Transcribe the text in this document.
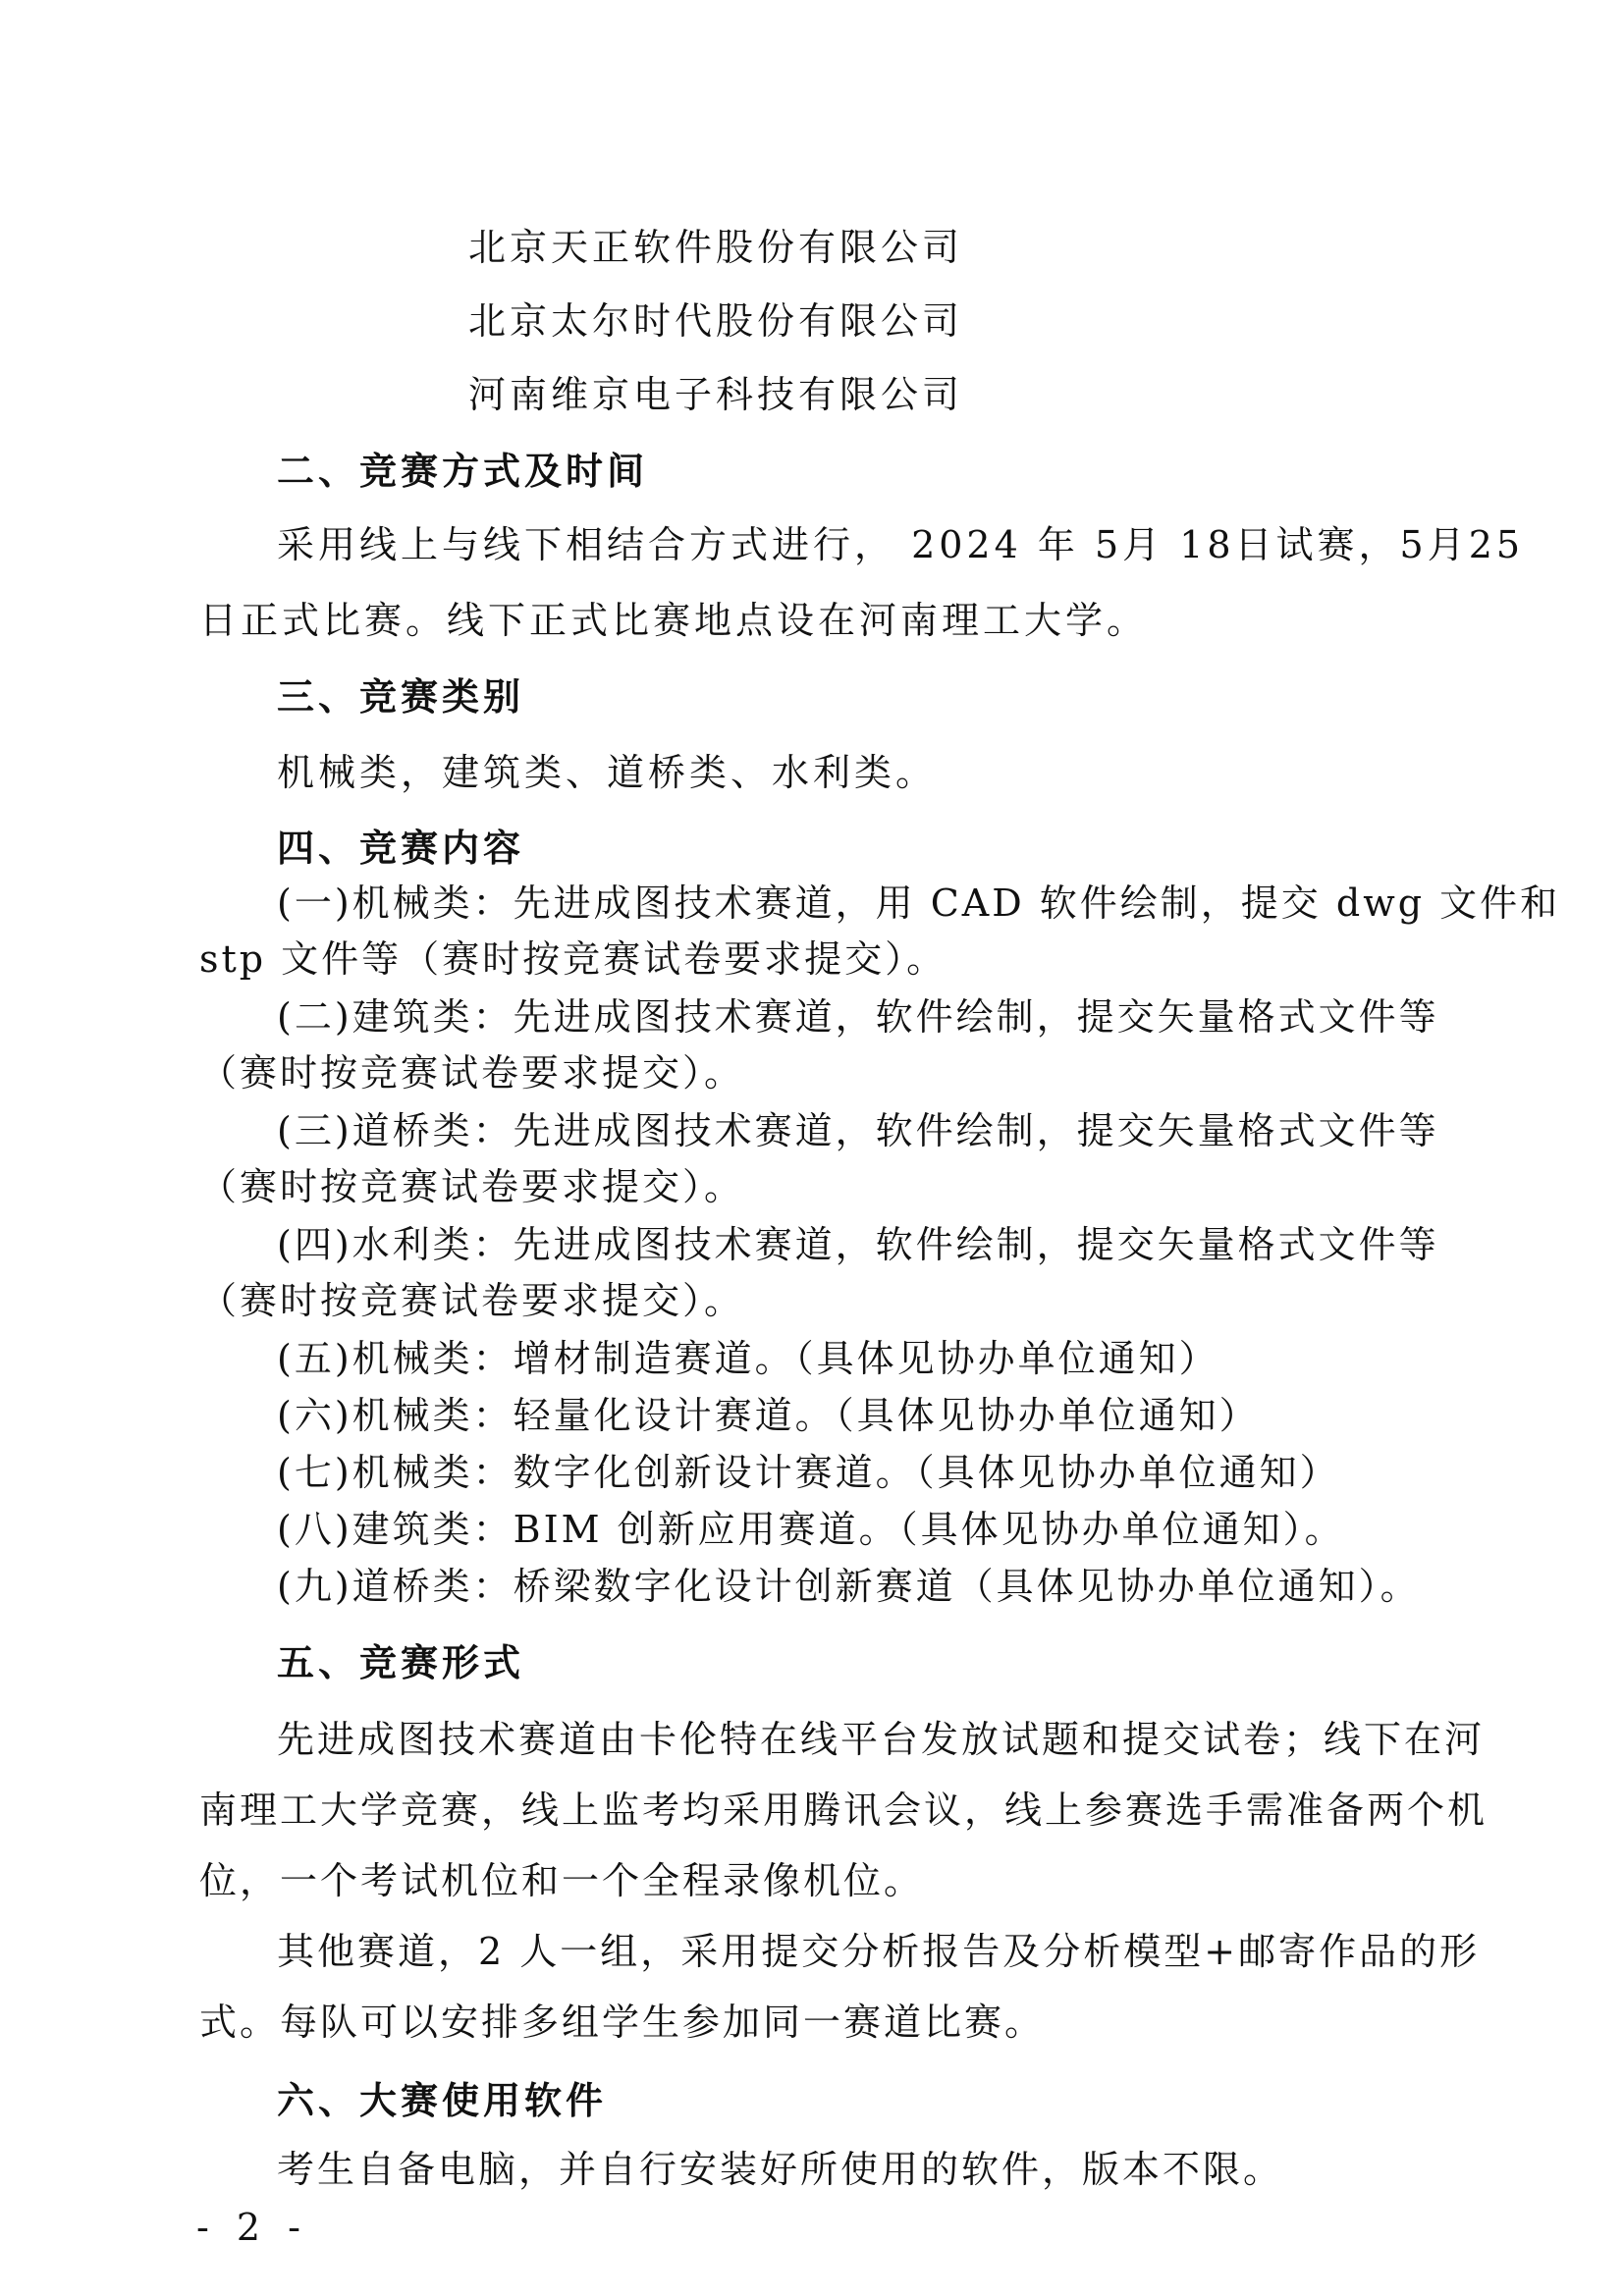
北京天正软件股份有限公司
北京太尔时代股份有限公司
河南维京电子科技有限公司
二、竞赛方式及时间
采用线上与线下相结合方式进行， 2024 年 5月 18日试赛，5月25
日正式比赛。线下正式比赛地点设在河南理工大学。
三、竞赛类别
机械类，建筑类、道桥类、水利类。
四、竞赛内容
(一)机械类：先进成图技术赛道，用 CAD 软件绘制，提交 dwg 文件和
stp 文件等（赛时按竞赛试卷要求提交）。
(二)建筑类：先进成图技术赛道，软件绘制，提交矢量格式文件等
（赛时按竞赛试卷要求提交）。
(三)道桥类：先进成图技术赛道，软件绘制，提交矢量格式文件等
（赛时按竞赛试卷要求提交）。
(四)水利类：先进成图技术赛道，软件绘制，提交矢量格式文件等
（赛时按竞赛试卷要求提交）。
(五)机械类：增材制造赛道。（具体见协办单位通知）
(六)机械类：轻量化设计赛道。（具体见协办单位通知）
(七)机械类：数字化创新设计赛道。（具体见协办单位通知）
(八)建筑类：BIM 创新应用赛道。（具体见协办单位通知）。
(九)道桥类：桥梁数字化设计创新赛道（具体见协办单位通知）。
五、竞赛形式
先进成图技术赛道由卡伦特在线平台发放试题和提交试卷；线下在河
南理工大学竞赛，线上监考均采用腾讯会议，线上参赛选手需准备两个机
位，一个考试机位和一个全程录像机位。
其他赛道，2 人一组，采用提交分析报告及分析模型+邮寄作品的形
式。每队可以安排多组学生参加同一赛道比赛。
六、大赛使用软件
考生自备电脑，并自行安装好所使用的软件，版本不限。
- 2 -
